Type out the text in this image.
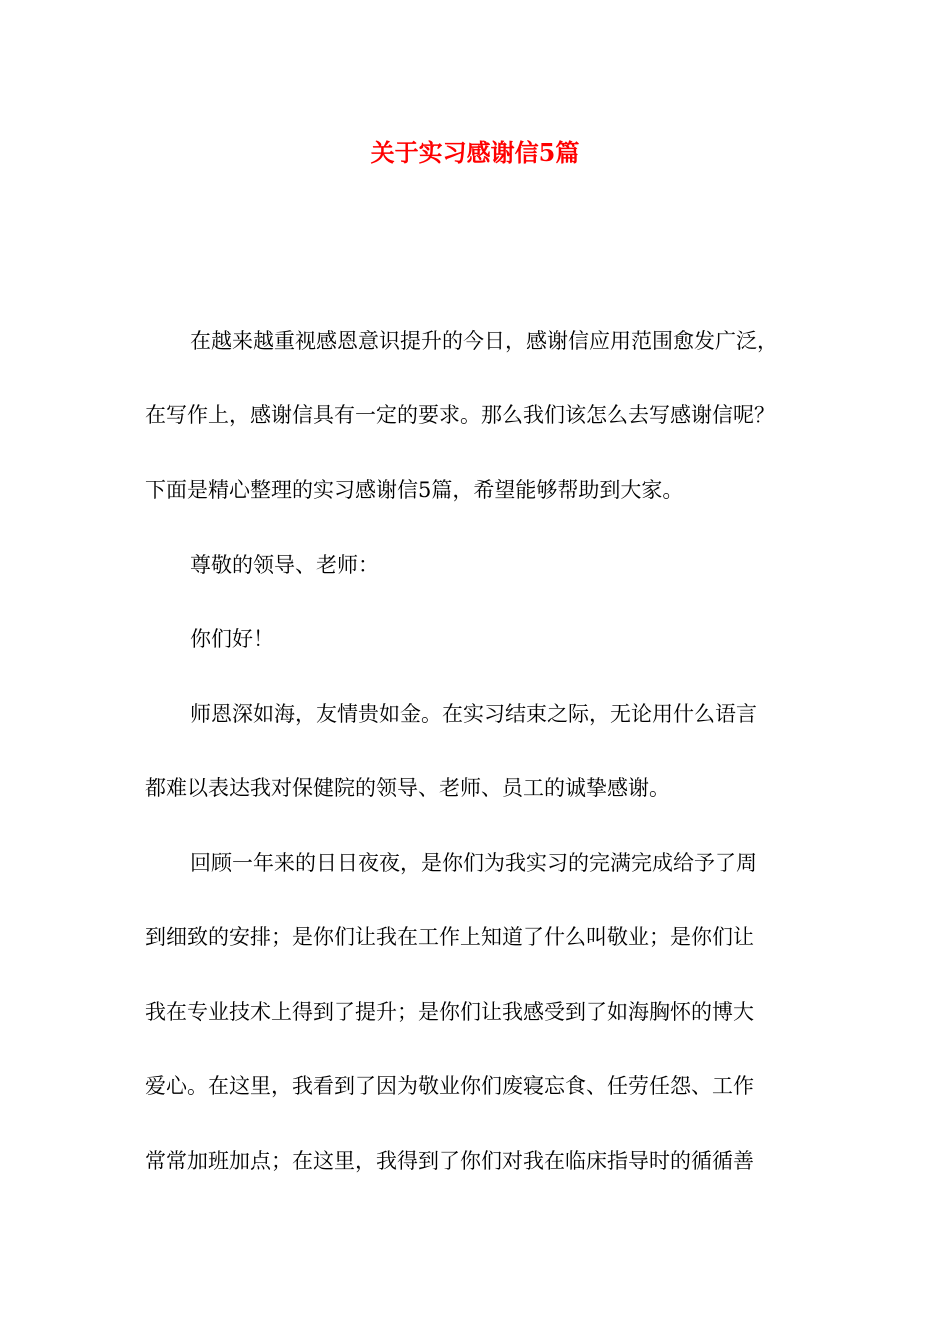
关于实习感谢信5篇
在越来越重视感恩意识提升的今日，感谢信应用范围愈发广泛，
在写作上，感谢信具有一定的要求。那么我们该怎么去写感谢信呢？
下面是精心整理的实习感谢信5篇，希望能够帮助到大家。
尊敬的领导、老师：
你们好！
师恩深如海，友情贵如金。在实习结束之际，无论用什么语言
都难以表达我对保健院的领导、老师、员工的诚挚感谢。
回顾一年来的日日夜夜，是你们为我实习的完满完成给予了周
到细致的安排；是你们让我在工作上知道了什么叫敬业；是你们让
我在专业技术上得到了提升；是你们让我感受到了如海胸怀的博大
爱心。在这里，我看到了因为敬业你们废寝忘食、任劳任怨、工作
常常加班加点；在这里，我得到了你们对我在临床指导时的循循善
